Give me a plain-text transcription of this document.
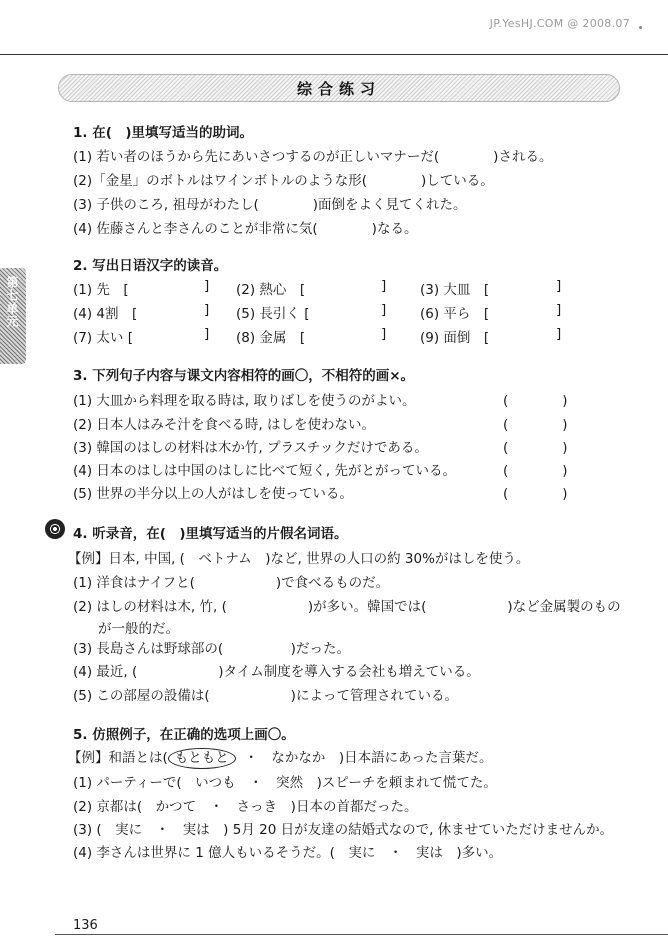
JP.YesHJ.COM @ 2008.07
综合练习
第七单元
1. 在(　)里填写适当的助词。
(1) 若い者のほうから先にあいさつするのが正しいマナーだ(　　　　)される。
(2)「金星」のボトルはワインボトルのような形(　　　　)している。
(3) 子供のころ, 祖母がわたし(　　　　)面倒をよく見てくれた。
(4) 佐藤さんと李さんのことが非常に気(　　　　)なる。
2. 写出日语汉字的读音。
(1) 先　[	] (2) 熱心　[	] (3) 大皿　[	]
(4) 4割　[	] (5) 長引く [	] (6) 平ら　[	]
(7) 太い [	] (8) 金属　[	] (9) 面倒　[	]
3. 下列句子内容与课文内容相符的画〇，不相符的画×。
(1) 大皿から料理を取る時は, 取りばしを使うのがよい。	(　　　　)
(2) 日本人はみそ汁を食べる時, はしを使わない。	(　　　　)
(3) 韓国のはしの材料は木か竹, プラスチックだけである。	(　　　　)
(4) 日本のはしは中国のはしに比べて短く, 先がとがっている。	(　　　　)
(5) 世界の半分以上の人がはしを使っている。	(　　　　)
4. 听录音，在(　)里填写适当的片假名词语。
【例】日本, 中国, (　ベトナム　)など, 世界の人口の約 30%がはしを使う。
(1) 洋食はナイフと(　　　　　　)で食べるものだ。
(2) はしの材料は木, 竹, (　　　　　　)が多い。韓国では(　　　　　　)など金属製のもの
が一般的だ。
(3) 長島さんは野球部の(　　　　　)だった。
(4) 最近, (　　　　　　)タイム制度を導入する会社も増えている。
(5) この部屋の設備は(　　　　　　)によって管理されている。
5. 仿照例子，在正确的选项上画〇。
【例】和語とは( もともと  ・　なかなか　)日本語にあった言葉だ。
(1) パーティーで(　いつも　・　突然　)スピーチを頼まれて慌てた。
(2) 京都は(　かつて　・　さっき　)日本の首都だった。
(3) (　実に　・　実は　) 5月 20 日が友達の結婚式なので, 休ませていただけませんか。
(4) 李さんは世界に 1 億人もいるそうだ。(　実に　・　実は　)多い。
136
